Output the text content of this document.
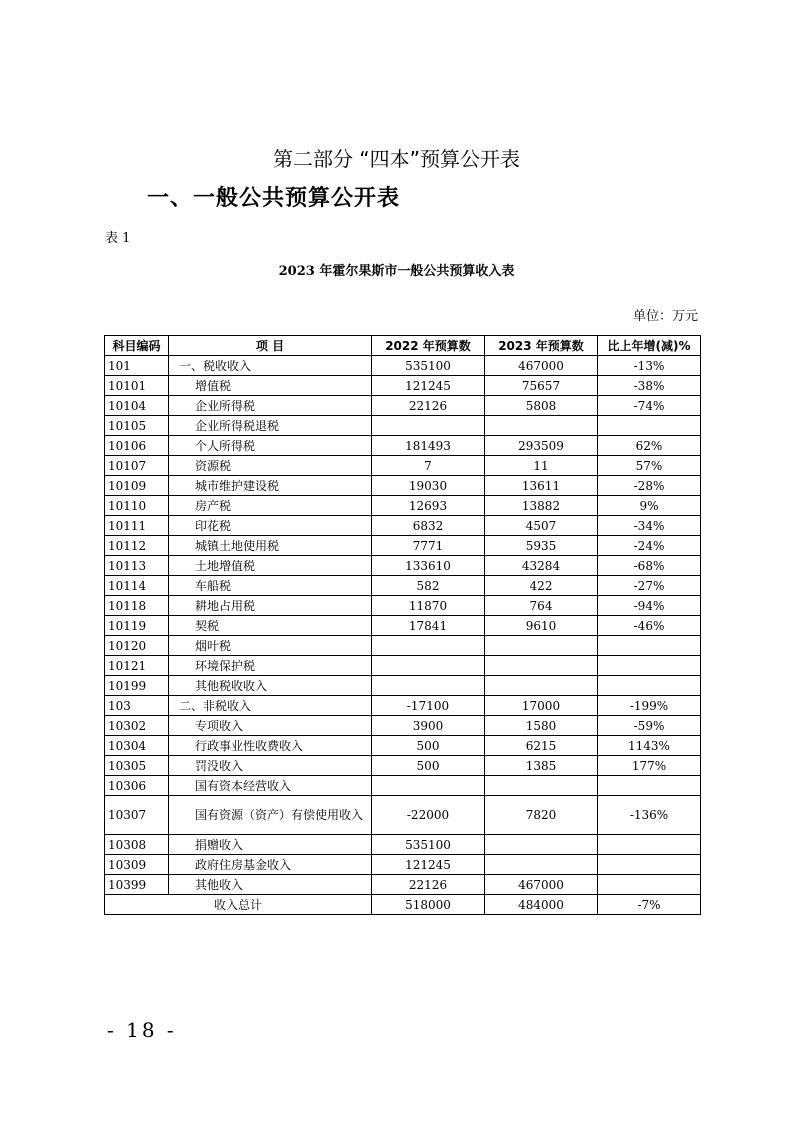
第二部分 “四本”预算公开表
一、一般公共预算公开表
表 1
2023 年霍尔果斯市一般公共预算收入表
单位：万元
科目编码	项 目	2022 年预算数	2023 年预算数	比上年增(减)%
101	一、税收收入	535100	467000	-13%
10101	增值税	121245	75657	-38%
10104	企业所得税	22126	5808	-74%
10105	企业所得税退税			
10106	个人所得税	181493	293509	62%
10107	资源税	7	11	57%
10109	城市维护建设税	19030	13611	-28%
10110	房产税	12693	13882	9%
10111	印花税	6832	4507	-34%
10112	城镇土地使用税	7771	5935	-24%
10113	土地增值税	133610	43284	-68%
10114	车船税	582	422	-27%
10118	耕地占用税	11870	764	-94%
10119	契税	17841	9610	-46%
10120	烟叶税			
10121	环境保护税			
10199	其他税收收入			
103	二、非税收入	-17100	17000	-199%
10302	专项收入	3900	1580	-59%
10304	行政事业性收费收入	500	6215	1143%
10305	罚没收入	500	1385	177%
10306	国有资本经营收入			
10307	国有资源（资产）有偿使用收入	-22000	7820	-136%
10308	捐赠收入	535100		
10309	政府住房基金收入	121245		
10399	其他收入	22126	467000	
收入总计		518000	484000	-7%
- 18 -
